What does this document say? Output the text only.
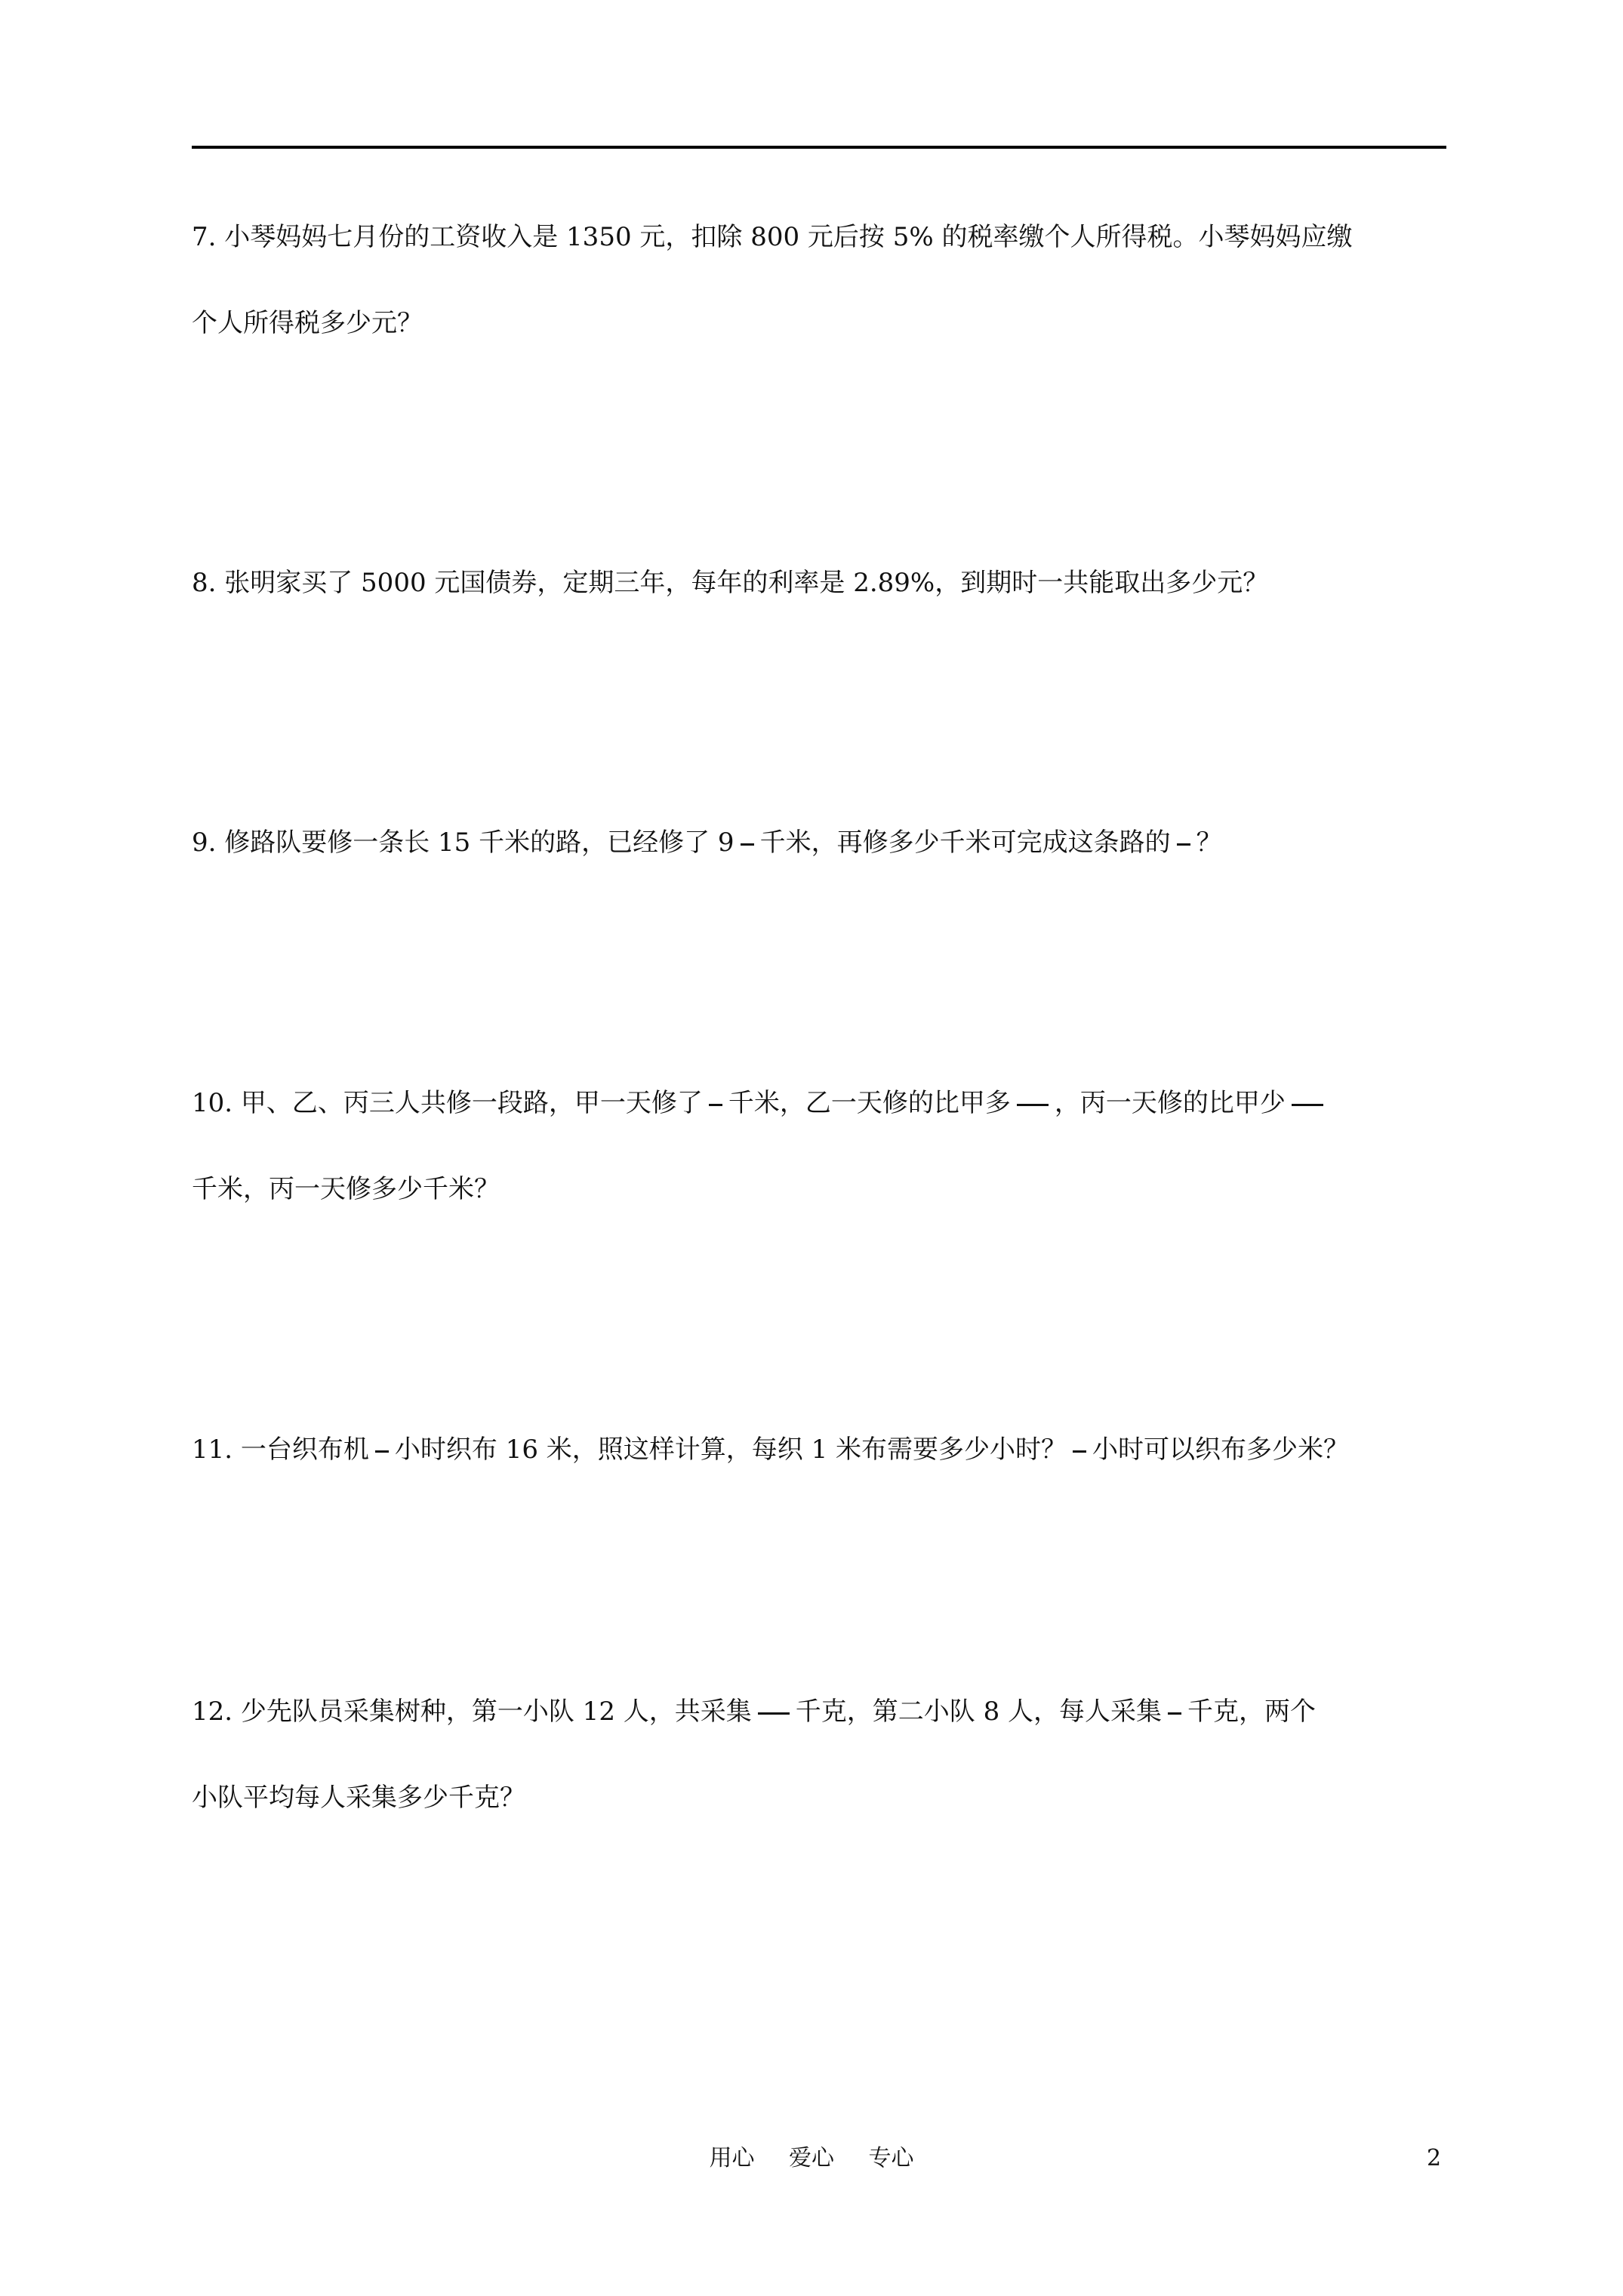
7. 小琴妈妈七月份的工资收入是 1350 元，扣除 800 元后按 5% 的税率缴个人所得税。小琴妈妈应缴
个人所得税多少元？
8. 张明家买了 5000 元国债券，定期三年，每年的利率是 2.89%，到期时一共能取出多少元？
9. 修路队要修一条长 15 千米的路，已经修了 9 千米，再修多少千米可完成这条路的 ？
10. 甲、乙、丙三人共修一段路，甲一天修了 千米，乙一天修的比甲多 ，丙一天修的比甲少
千米，丙一天修多少千米？
11. 一台织布机 小时织布 16 米，照这样计算，每织 1 米布需要多少小时？ 小时可以织布多少米？
12. 少先队员采集树种，第一小队 12 人，共采集 千克，第二小队 8 人，每人采集 千克，两个
小队平均每人采集多少千克？
用心 爱心 专心	2
